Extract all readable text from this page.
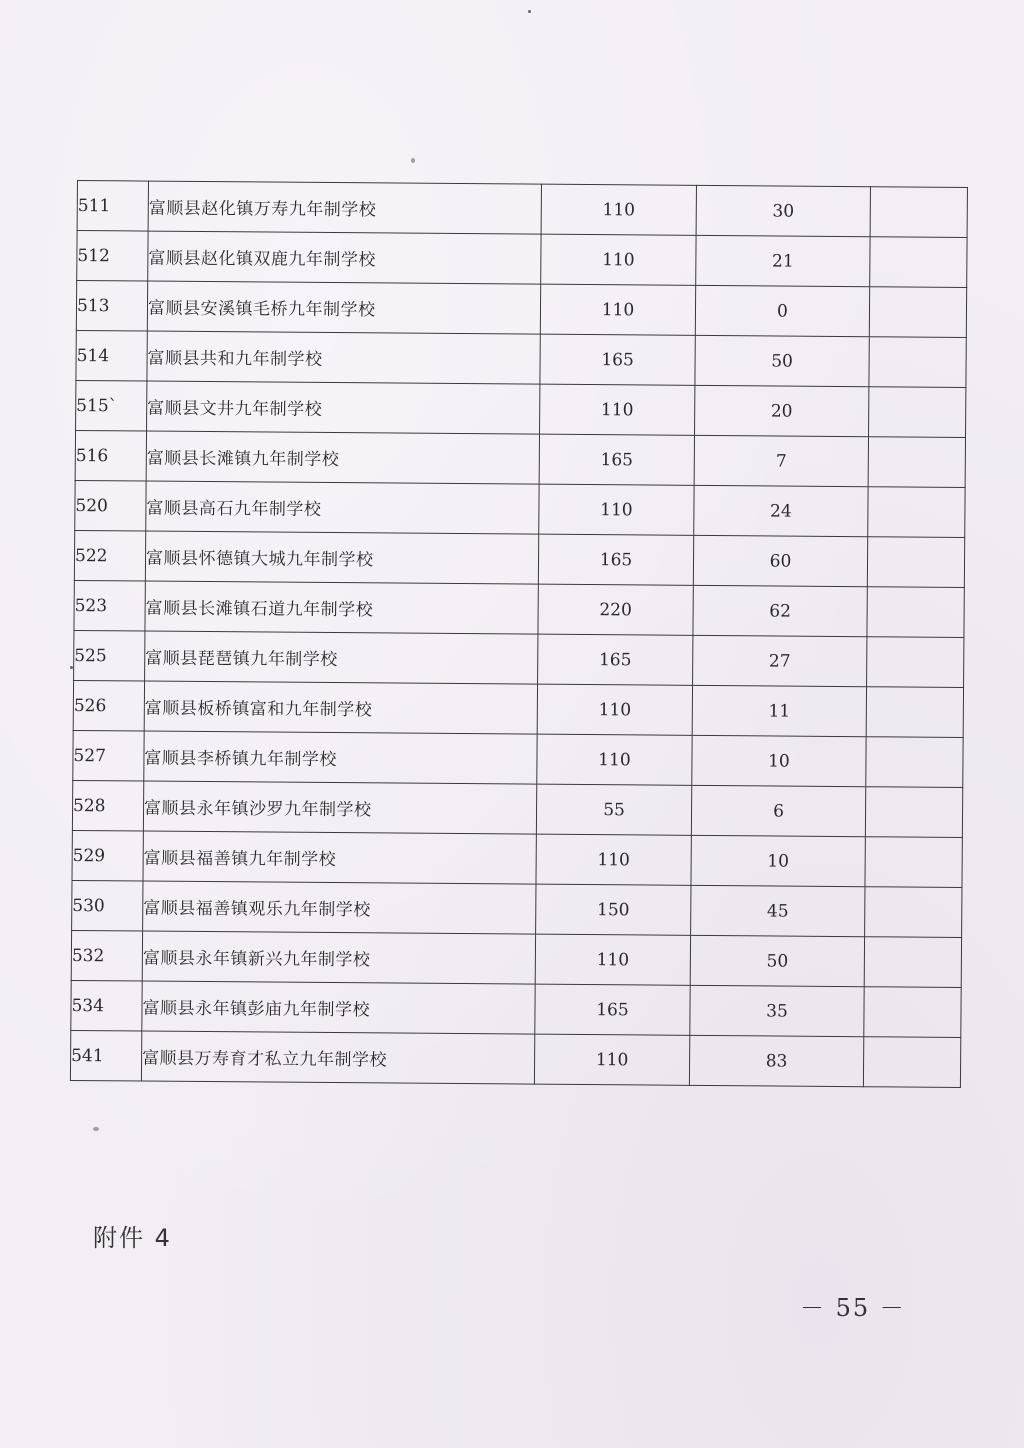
511	富顺县赵化镇万寿九年制学校	110	30	
512	富顺县赵化镇双鹿九年制学校	110	21	
513	富顺县安溪镇毛桥九年制学校	110	0	
514	富顺县共和九年制学校	165	50	
515`	富顺县文井九年制学校	110	20	
516	富顺县长滩镇九年制学校	165	7	
520	富顺县高石九年制学校	110	24	
522	富顺县怀德镇大城九年制学校	165	60	
523	富顺县长滩镇石道九年制学校	220	62	
525	富顺县琵琶镇九年制学校	165	27	
526	富顺县板桥镇富和九年制学校	110	11	
527	富顺县李桥镇九年制学校	110	10	
528	富顺县永年镇沙罗九年制学校	55	6	
529	富顺县福善镇九年制学校	110	10	
530	富顺县福善镇观乐九年制学校	150	45	
532	富顺县永年镇新兴九年制学校	110	50	
534	富顺县永年镇彭庙九年制学校	165	35	
541	富顺县万寿育才私立九年制学校	110	83	
附件 4
－ 55 －
